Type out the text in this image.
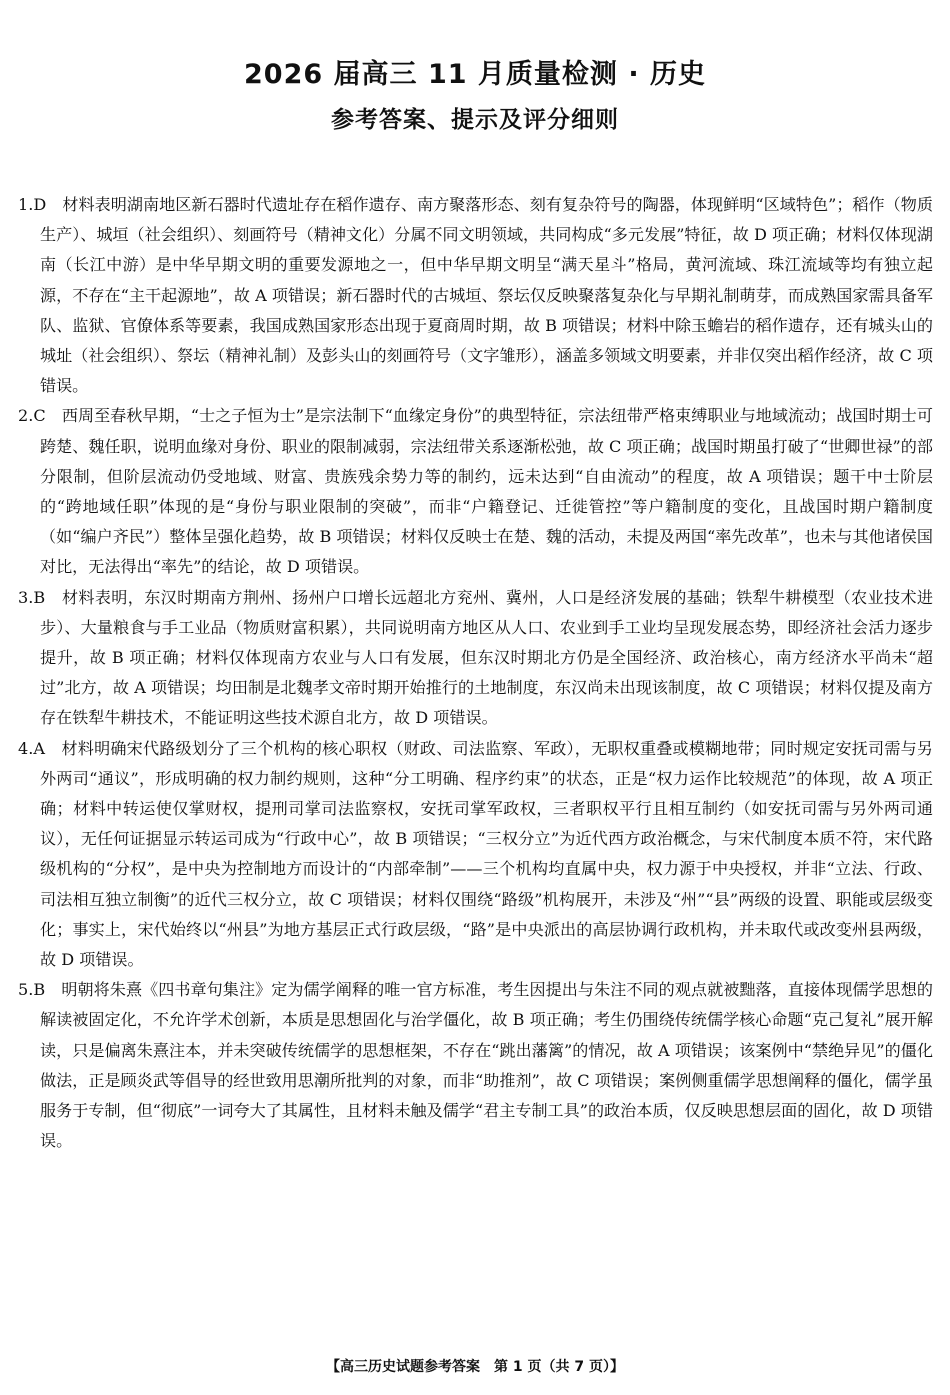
2026 届高三 11 月质量检测 · 历史
参考答案、提示及评分细则

1.D　 材料表明湖南地区新石器时代遗址存在稻作遗存、南方聚落形态、刻有复杂符号的陶器，体现鲜明“区域特色”；稻作（物质生产）、城垣（社会组织）、刻画符号（精神文化）分属不同文明领域，共同构成“多元发展”特征，故 D 项正确；材料仅体现湖南（长江中游）是中华早期文明的重要发源地之一，但中华早期文明呈“满天星斗”格局，黄河流域、珠江流域等均有独立起源，不存在“主干起源地”，故 A 项错误；新石器时代的古城垣、祭坛仅反映聚落复杂化与早期礼制萌芽，而成熟国家需具备军队、监狱、官僚体系等要素，我国成熟国家形态出现于夏商周时期，故 B 项错误；材料中除玉蟾岩的稻作遗存，还有城头山的城址（社会组织）、祭坛（精神礼制）及彭头山的刻画符号（文字雏形），涵盖多领域文明要素，并非仅突出稻作经济，故 C 项错误。

2.C　 西周至春秋早期，“士之子恒为士”是宗法制下“血缘定身份”的典型特征，宗法纽带严格束缚职业与地域流动；战国时期士可跨楚、魏任职，说明血缘对身份、职业的限制减弱，宗法纽带关系逐渐松弛，故 C 项正确；战国时期虽打破了“世卿世禄”的部分限制，但阶层流动仍受地域、财富、贵族残余势力等的制约，远未达到“自由流动”的程度，故 A 项错误；题干中士阶层的“跨地域任职”体现的是“身份与职业限制的突破”，而非“户籍登记、迁徙管控”等户籍制度的变化，且战国时期户籍制度（如“编户齐民”）整体呈强化趋势，故 B 项错误；材料仅反映士在楚、魏的活动，未提及两国“率先改革”，也未与其他诸侯国对比，无法得出“率先”的结论，故 D 项错误。

3.B　 材料表明，东汉时期南方荆州、扬州户口增长远超北方兖州、冀州，人口是经济发展的基础；铁犁牛耕模型（农业技术进步）、大量粮食与手工业品（物质财富积累），共同说明南方地区从人口、农业到手工业均呈现发展态势，即经济社会活力逐步提升，故 B 项正确；材料仅体现南方农业与人口有发展，但东汉时期北方仍是全国经济、政治核心，南方经济水平尚未“超过”北方，故 A 项错误；均田制是北魏孝文帝时期开始推行的土地制度，东汉尚未出现该制度，故 C 项错误；材料仅提及南方存在铁犁牛耕技术，不能证明这些技术源自北方，故 D 项错误。

4.A　 材料明确宋代路级划分了三个机构的核心职权（财政、司法监察、军政），无职权重叠或模糊地带；同时规定安抚司需与另外两司“通议”，形成明确的权力制约规则，这种“分工明确、程序约束”的状态，正是“权力运作比较规范”的体现，故 A 项正确；材料中转运使仅掌财权，提刑司掌司法监察权，安抚司掌军政权，三者职权平行且相互制约（如安抚司需与另外两司通议），无任何证据显示转运司成为“行政中心”，故 B 项错误；“三权分立”为近代西方政治概念，与宋代制度本质不符，宋代路级机构的“分权”，是中央为控制地方而设计的“内部牵制”——三个机构均直属中央，权力源于中央授权，并非“立法、行政、司法相互独立制衡”的近代三权分立，故 C 项错误；材料仅围绕“路级”机构展开，未涉及“州”“县”两级的设置、职能或层级变化；事实上，宋代始终以“州县”为地方基层正式行政层级，“路”是中央派出的高层协调行政机构，并未取代或改变州县两级，故 D 项错误。

5.B　 明朝将朱熹《四书章句集注》定为儒学阐释的唯一官方标准，考生因提出与朱注不同的观点就被黜落，直接体现儒学思想的解读被固定化，不允许学术创新，本质是思想固化与治学僵化，故 B 项正确；考生仍围绕传统儒学核心命题“克己复礼”展开解读，只是偏离朱熹注本，并未突破传统儒学的思想框架，不存在“跳出藩篱”的情况，故 A 项错误；该案例中“禁绝异见”的僵化做法，正是顾炎武等倡导的经世致用思潮所批判的对象，而非“助推剂”，故 C 项错误；案例侧重儒学思想阐释的僵化，儒学虽服务于专制，但“彻底”一词夸大了其属性，且材料未触及儒学“君主专制工具”的政治本质，仅反映思想层面的固化，故 D 项错误。

【高三历史试题参考答案　第 1 页（共 7 页）】
